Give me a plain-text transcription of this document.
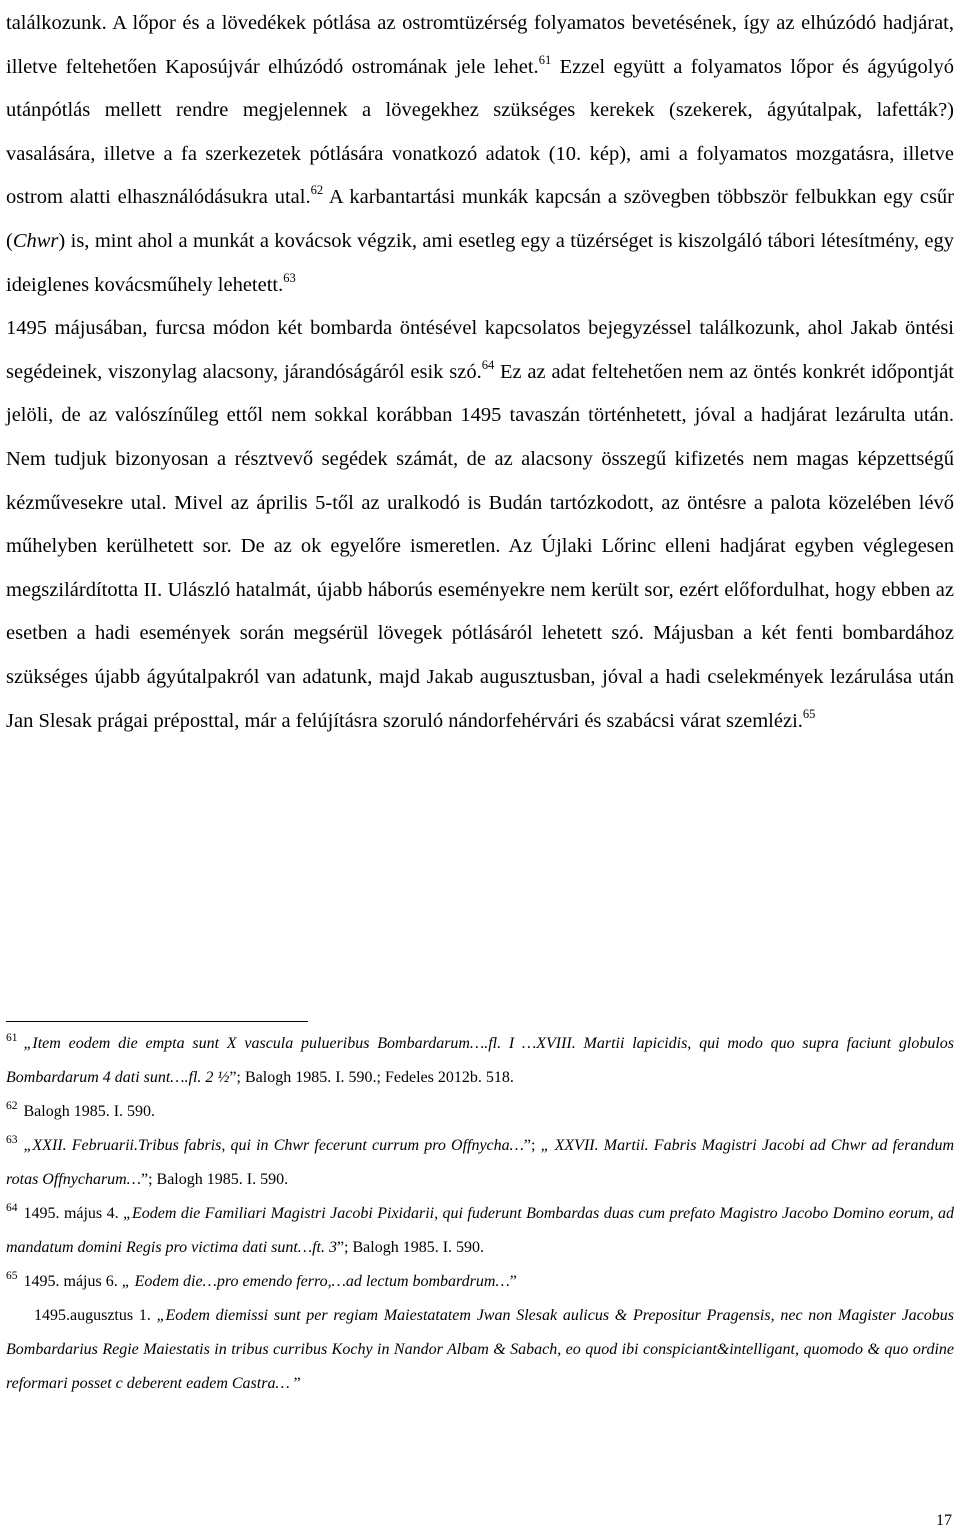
találkozunk. A lőpor és a lövedékek pótlása az ostromtüzérség folyamatos bevetésének, így az elhúzódó hadjárat, illetve feltehetően Kaposújvár elhúzódó ostromának jele lehet.$^{61}$ Ezzel együtt a folyamatos lőpor és ágyúgolyó utánpótlás mellett rendre megjelennek a lövegekhez szükséges kerekek (szekerek, ágyútalpak, lafetták?) vasalására, illetve a fa szerkezetek pótlására vonatkozó adatok (10. kép), ami a folyamatos mozgatásra, illetve ostrom alatti elhasználódásukra utal.$^{62}$ A karbantartási munkák kapcsán a szövegben többször felbukkan egy csűr (Chwr) is, mint ahol a munkát a kovácsok végzik, ami esetleg egy a tüzérséget is kiszolgáló tábori létesítmény, egy ideiglenes kovácsműhely lehetett.$^{63}$

1495 májusában, furcsa módon két bombarda öntésével kapcsolatos bejegyzéssel találkozunk, ahol Jakab öntési segédeinek, viszonylag alacsony, járandóságáról esik szó.$^{64}$ Ez az adat feltehetően nem az öntés konkrét időpontját jelöli, de az valószínűleg ettől nem sokkal korábban 1495 tavaszán történhetett, jóval a hadjárat lezárulta után. Nem tudjuk bizonyosan a résztvevő segédek számát, de az alacsony összegű kifizetés nem magas képzettségű kézművesekre utal. Mivel az április 5-től az uralkodó is Budán tartózkodott, az öntésre a palota közelében lévő műhelyben kerülhetett sor. De az ok egyelőre ismeretlen. Az Újlaki Lőrinc elleni hadjárat egyben véglegesen megszilárdította II. Ulászló hatalmát, újabb háborús eseményekre nem került sor, ezért előfordulhat, hogy ebben az esetben a hadi események során megsérül lövegek pótlásáról lehetett szó. Májusban a két fenti bombardához szükséges újabb ágyútalpakról van adatunk, majd Jakab augusztusban, jóval a hadi cselekmények lezárulása után Jan Slesak prágai préposttal, már a felújításra szoruló nándorfehérvári és szabácsi várat szemlézi.$^{65}$

$^{61}$ „Item eodem die empta sunt X vascula pulueribus Bombardarum….fl. I …XVIII. Martii lapicidis, qui modo quo supra faciunt globulos Bombardarum 4 dati sunt….fl. 2 ½”; Balogh 1985. I. 590.; Fedeles 2012b. 518.

$^{62}$ Balogh 1985. I. 590.

$^{63}$ „XXII. Februarii.Tribus fabris, qui in Chwr fecerunt currum pro Offnycha…”; „ XXVII. Martii. Fabris Magistri Jacobi ad Chwr ad ferandum rotas Offnycharum…”; Balogh 1985. I. 590.

$^{64}$ 1495. május 4. „Eodem die Familiari Magistri Jacobi Pixidarii, qui fuderunt Bombardas duas cum prefato Magistro Jacobo Domino eorum, ad mandatum domini Regis pro victima dati sunt…ft. 3”; Balogh 1985. I. 590.

$^{65}$ 1495. május 6. „ Eodem die…pro emendo ferro,…ad lectum bombardrum…”

1495.augusztus 1. „Eodem diemissi sunt per regiam Maiestatatem Jwan Slesak aulicus & Prepositur Pragensis, nec non Magister Jacobus Bombardarius Regie Maiestatis in tribus curribus Kochy in Nandor Albam & Sabach, eo quod ibi conspiciant&intelligant, quomodo & quo ordine reformari posset c deberent eadem Castra… ”

17
